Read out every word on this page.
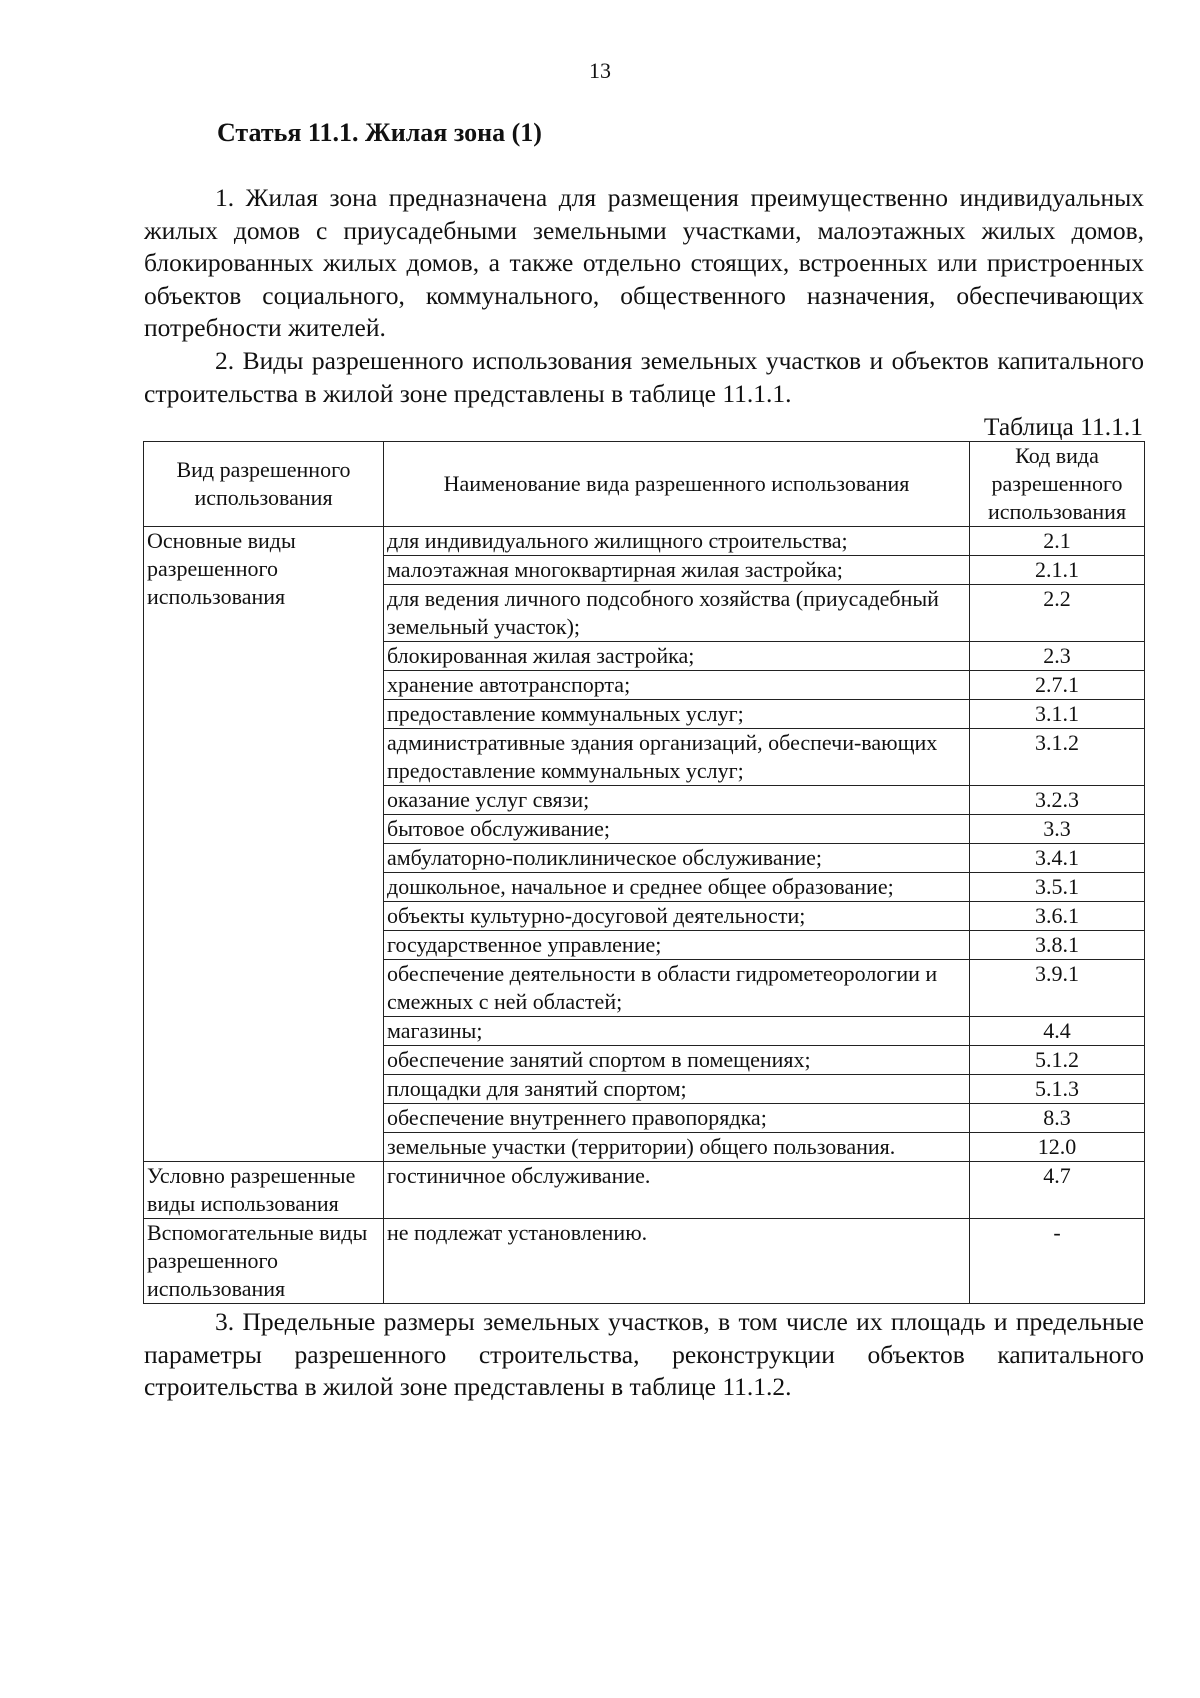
13
Статья 11.1. Жилая зона (1)

1. Жилая зона предназначена для размещения преимущественно индивидуальных жилых домов с приусадебными земельными участками, малоэтажных жилых домов, блокированных жилых домов, а также отдельно стоящих, встроенных или пристроенных объектов социального, коммунального, общественного назначения, обеспечивающих потребности жителей.

2. Виды разрешенного использования земельных участков и объектов капитального строительства в жилой зоне представлены в таблице 11.1.1.

Таблица 11.1.1
Вид разрешенного использования	Наименование вида разрешенного использования	Код вида разрешенного использования
Основные виды разрешенного использования	для индивидуального жилищного строительства;	2.1
	малоэтажная многоквартирная жилая застройка;	2.1.1
	для ведения личного подсобного хозяйства (приусадебный земельный участок);	2.2
	блокированная жилая застройка;	2.3
	хранение автотранспорта;	2.7.1
	предоставление коммунальных услуг;	3.1.1
	административные здания организаций, обеспечи-вающих предоставление коммунальных услуг;	3.1.2
	оказание услуг связи;	3.2.3
	бытовое обслуживание;	3.3
	амбулаторно-поликлиническое обслуживание;	3.4.1
	дошкольное, начальное и среднее общее образование;	3.5.1
	объекты культурно-досуговой деятельности;	3.6.1
	государственное управление;	3.8.1
	обеспечение деятельности в области гидрометеорологии и смежных с ней областей;	3.9.1
	магазины;	4.4
	обеспечение занятий спортом в помещениях;	5.1.2
	площадки для занятий спортом;	5.1.3
	обеспечение внутреннего правопорядка;	8.3
	земельные участки (территории) общего пользования.	12.0
Условно разрешенные виды использования	гостиничное обслуживание.	4.7
Вспомогательные виды разрешенного использования	не подлежат установлению.	-

3. Предельные размеры земельных участков, в том числе их площадь и предельные параметры разрешенного строительства, реконструкции объектов капитального строительства в жилой зоне представлены в таблице 11.1.2.
